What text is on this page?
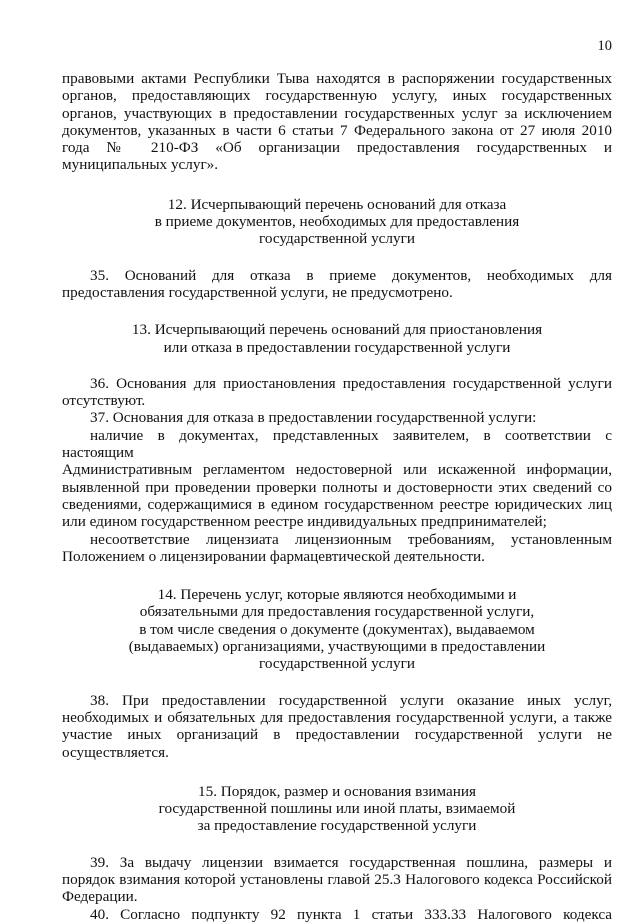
10

правовыми актами Республики Тыва находятся в распоряжении государственных
органов, предоставляющих государственную услугу, иных государственных
органов, участвующих в предоставлении государственных услуг за исключением
документов, указанных в части 6 статьи 7 Федерального закона от 27 июля 2010
года № 210-ФЗ «Об организации предоставления государственных и
муниципальных услуг».

12. Исчерпывающий перечень оснований для отказа
в приеме документов, необходимых для предоставления
государственной услуги

35. Оснований для отказа в приеме документов, необходимых для
предоставления государственной услуги, не предусмотрено.

13. Исчерпывающий перечень оснований для приостановления
или отказа в предоставлении государственной услуги

36. Основания для приостановления предоставления государственной услуги
отсутствуют.

37. Основания для отказа в предоставлении государственной услуги:

наличие в документах, представленных заявителем, в соответствии с настоящим
Административным регламентом недостоверной или искаженной информации,
выявленной при проведении проверки полноты и достоверности этих сведений со
сведениями, содержащимися в едином государственном реестре юридических лиц
или едином государственном реестре индивидуальных предпринимателей;

несоответствие лицензиата лицензионным требованиям, установленным
Положением о лицензировании фармацевтической деятельности.

14. Перечень услуг, которые являются необходимыми и
обязательными для предоставления государственной услуги,
в том числе сведения о документе (документах), выдаваемом
(выдаваемых) организациями, участвующими в предоставлении
государственной услуги

38. При предоставлении государственной услуги оказание иных услуг,
необходимых и обязательных для предоставления государственной услуги, а также
участие иных организаций в предоставлении государственной услуги не
осуществляется.

15. Порядок, размер и основания взимания
государственной пошлины или иной платы, взимаемой
за предоставление государственной услуги

39. За выдачу лицензии взимается государственная пошлина, размеры и
порядок взимания которой установлены главой 25.3 Налогового кодекса Российской
Федерации.

40. Согласно подпункту 92 пункта 1 статьи 333.33 Налогового кодекса
